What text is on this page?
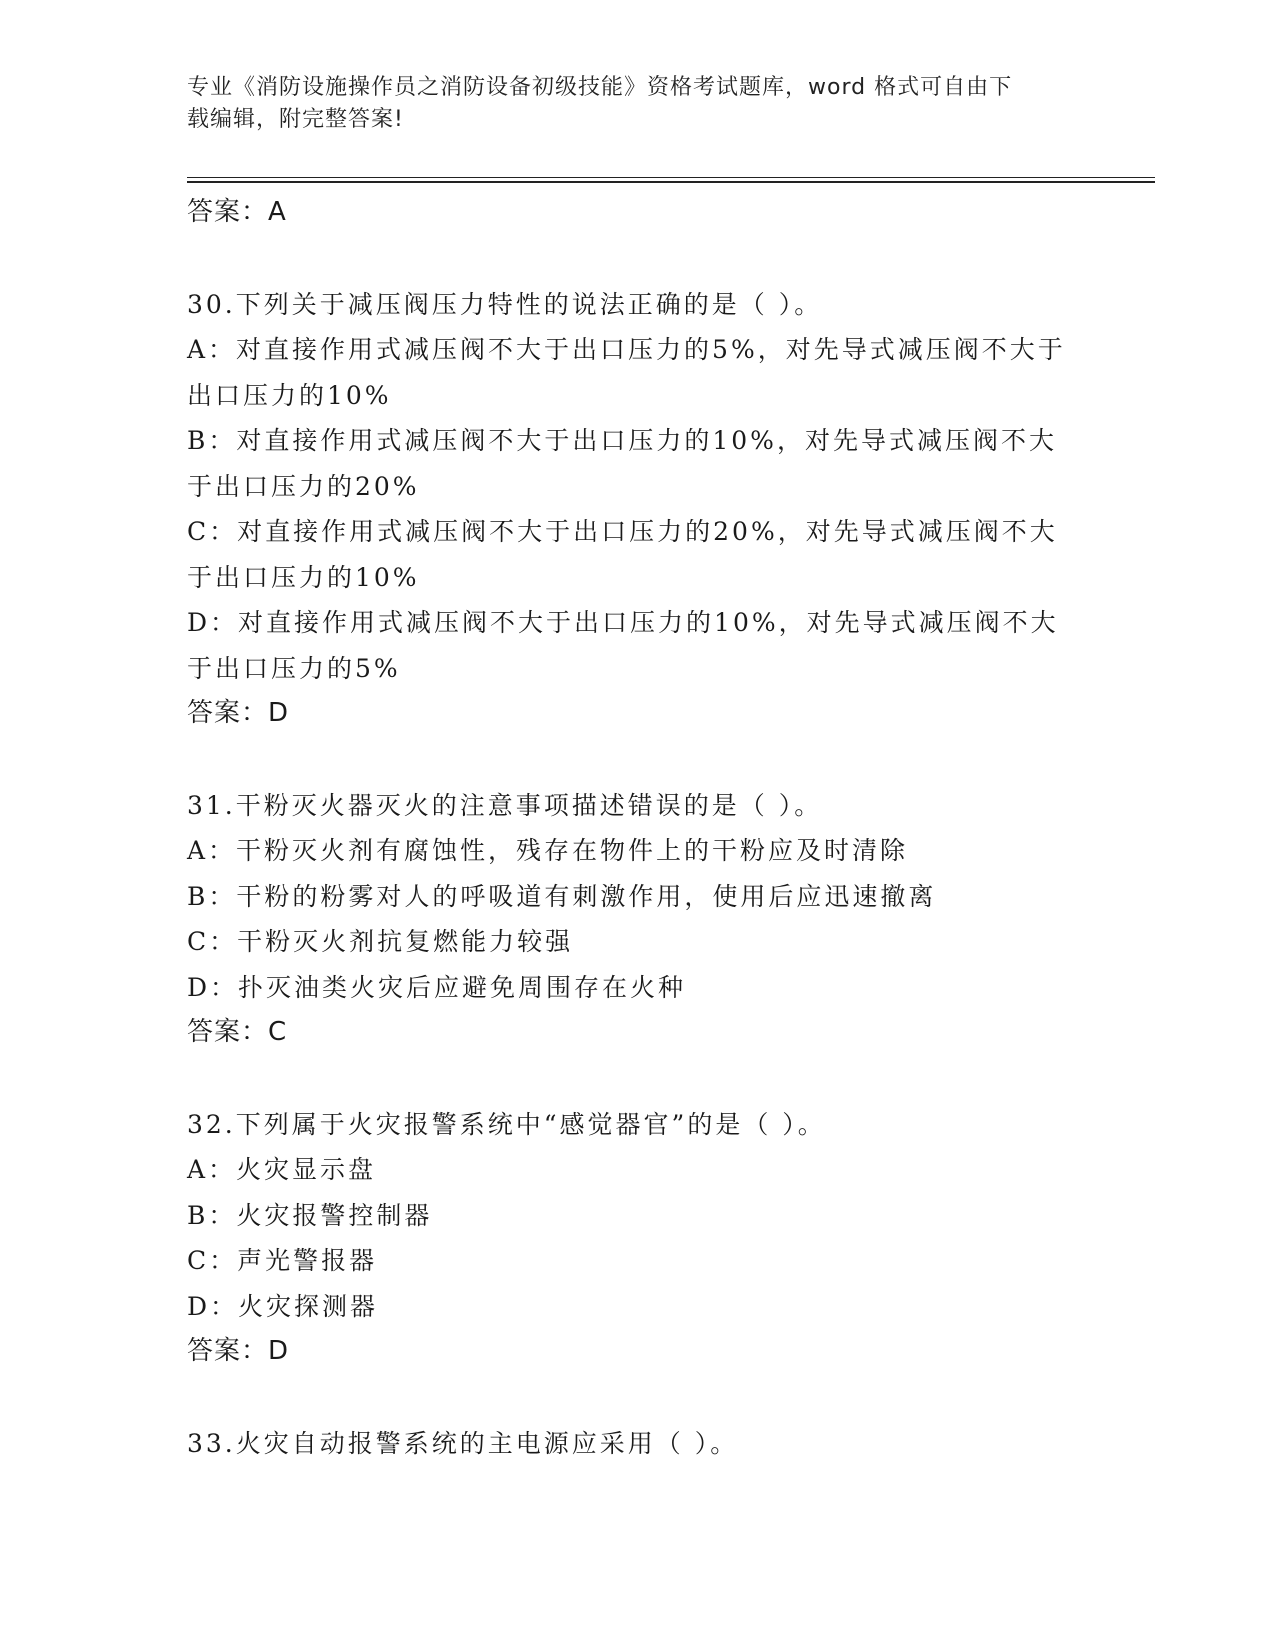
专业《消防设施操作员之消防设备初级技能》资格考试题库，word 格式可自由下
载编辑，附完整答案!
答案：A
30.下列关于减压阀压力特性的说法正确的是（ ）。
A：对直接作用式减压阀不大于出口压力的5%，对先导式减压阀不大于
出口压力的10%
B：对直接作用式减压阀不大于出口压力的10%，对先导式减压阀不大
于出口压力的20%
C：对直接作用式减压阀不大于出口压力的20%，对先导式减压阀不大
于出口压力的10%
D：对直接作用式减压阀不大于出口压力的10%，对先导式减压阀不大
于出口压力的5%
答案：D
31.干粉灭火器灭火的注意事项描述错误的是（ ）。
A：干粉灭火剂有腐蚀性，残存在物件上的干粉应及时清除
B：干粉的粉雾对人的呼吸道有刺激作用，使用后应迅速撤离
C：干粉灭火剂抗复燃能力较强
D：扑灭油类火灾后应避免周围存在火种
答案：C
32.下列属于火灾报警系统中“感觉器官”的是（ ）。
A：火灾显示盘
B：火灾报警控制器
C：声光警报器
D：火灾探测器
答案：D
33.火灾自动报警系统的主电源应采用（ ）。
